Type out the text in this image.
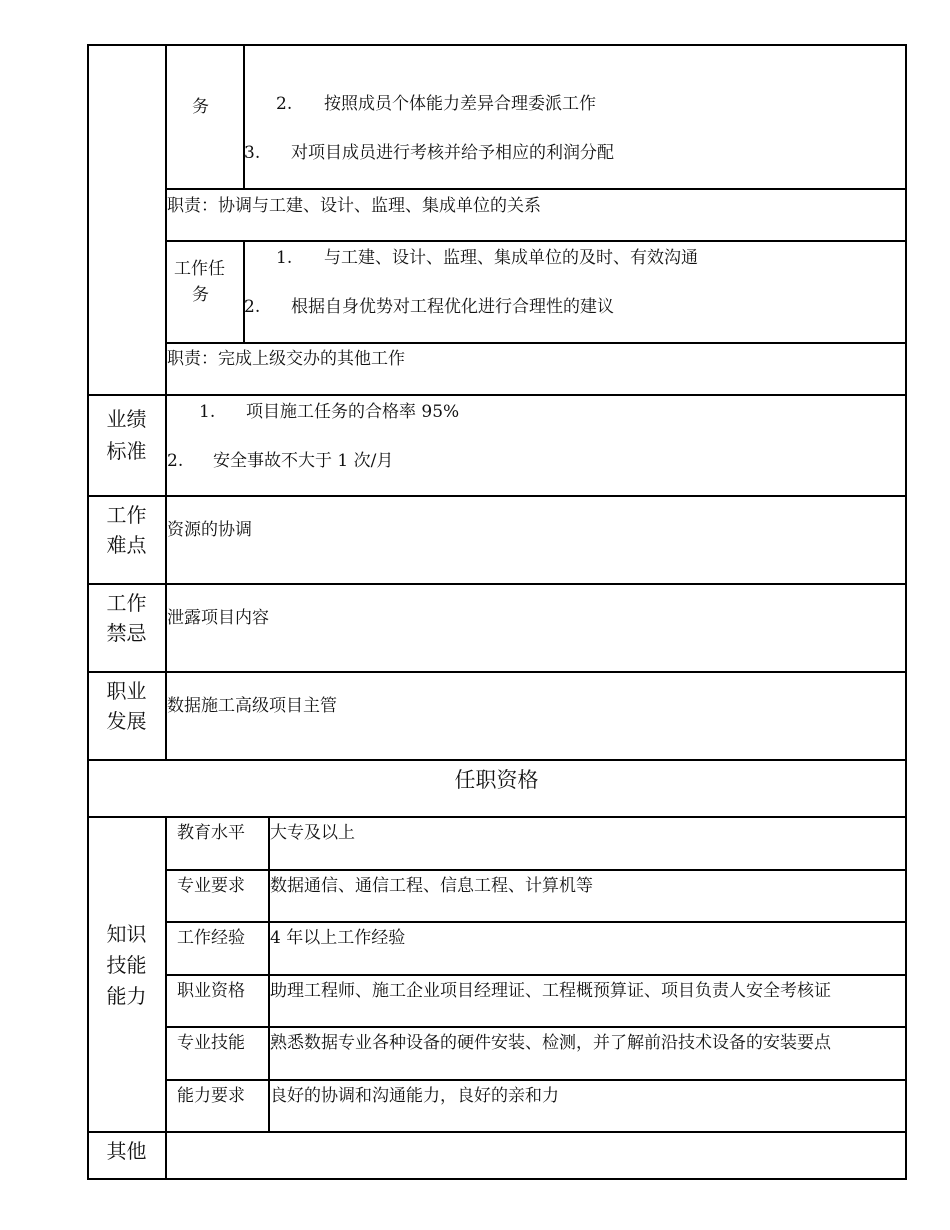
务	2. 按照成员个体能力差异合理委派工作
3. 对项目成员进行考核并给予相应的利润分配
职责：协调与工建、设计、监理、集成单位的关系
工作任
务
1. 与工建、设计、监理、集成单位的及时、有效沟通
2. 根据自身优势对工程优化进行合理性的建议
职责：完成上级交办的其他工作
业绩
标准
1. 项目施工任务的合格率 95%
2. 安全事故不大于 1 次/月
工作
难点
资源的协调
工作
禁忌
泄露项目内容
职业
发展
数据施工高级项目主管
任职资格
知识
技能
能力
教育水平 大专及以上
专业要求 数据通信、通信工程、信息工程、计算机等
工作经验 4 年以上工作经验
职业资格 助理工程师、施工企业项目经理证、工程概预算证、项目负责人安全考核证
专业技能 熟悉数据专业各种设备的硬件安装、检测，并了解前沿技术设备的安装要点
能力要求 良好的协调和沟通能力，良好的亲和力
其他
